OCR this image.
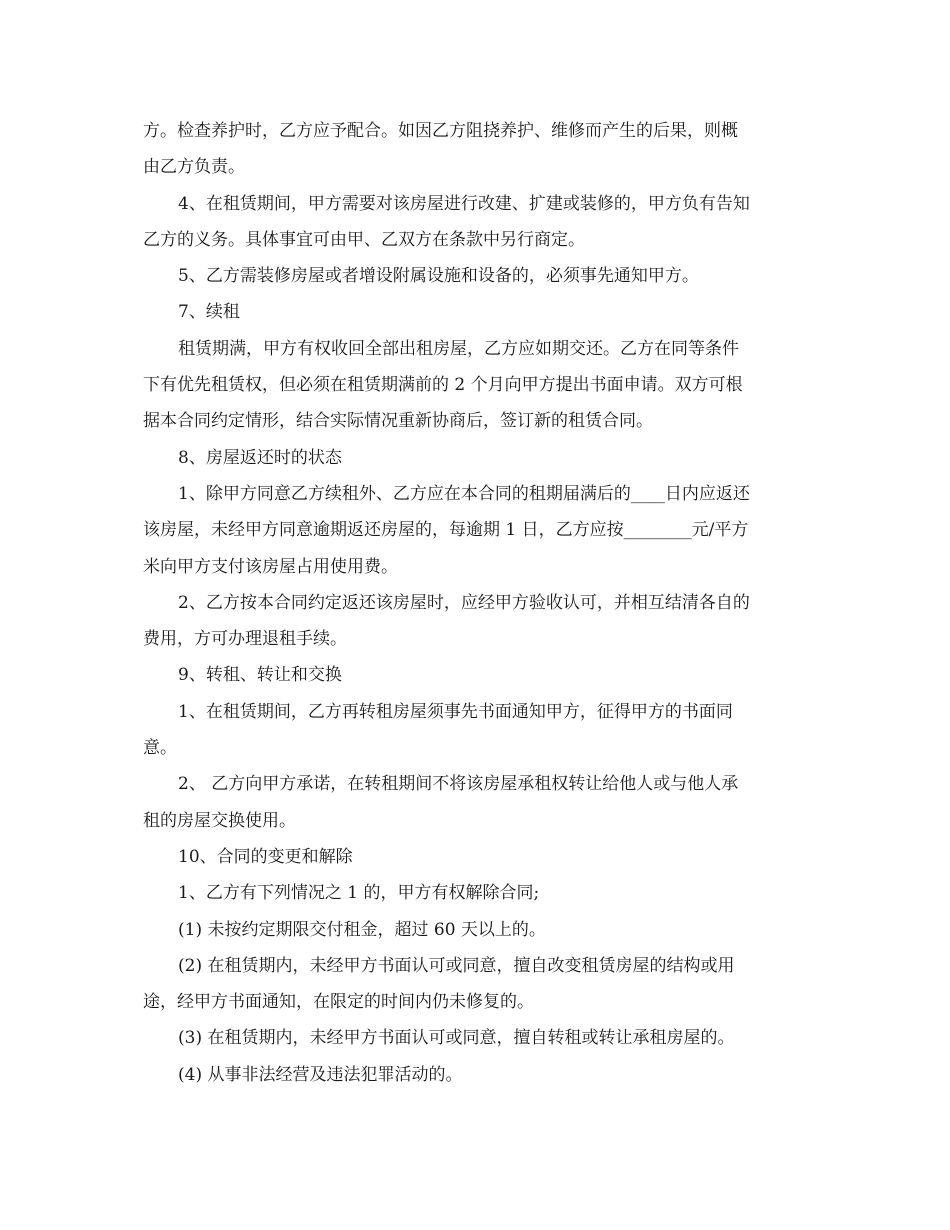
方。检查养护时，乙方应予配合。如因乙方阻挠养护、维修而产生的后果，则概
由乙方负责。
4、在租赁期间，甲方需要对该房屋进行改建、扩建或装修的，甲方负有告知
乙方的义务。具体事宜可由甲、乙双方在条款中另行商定。
5、乙方需装修房屋或者增设附属设施和设备的，必须事先通知甲方。
7、续租
租赁期满，甲方有权收回全部出租房屋，乙方应如期交还。乙方在同等条件
下有优先租赁权，但必须在租赁期满前的 2 个月向甲方提出书面申请。双方可根
据本合同约定情形，结合实际情况重新协商后，签订新的租赁合同。
8、房屋返还时的状态
1、除甲方同意乙方续租外、乙方应在本合同的租期届满后的____日内应返还
该房屋，未经甲方同意逾期返还房屋的，每逾期 1 日，乙方应按________元/平方
米向甲方支付该房屋占用使用费。
2、乙方按本合同约定返还该房屋时，应经甲方验收认可，并相互结清各自的
费用，方可办理退租手续。
9、转租、转让和交换
1、在租赁期间，乙方再转租房屋须事先书面通知甲方，征得甲方的书面同
意。
2、 乙方向甲方承诺，在转租期间不将该房屋承租权转让给他人或与他人承
租的房屋交换使用。
10、合同的变更和解除
1、乙方有下列情况之 1 的，甲方有权解除合同;
(1) 未按约定期限交付租金，超过 60 天以上的。
(2) 在租赁期内，未经甲方书面认可或同意，擅自改变租赁房屋的结构或用
途，经甲方书面通知，在限定的时间内仍未修复的。
(3) 在租赁期内，未经甲方书面认可或同意，擅自转租或转让承租房屋的。
(4) 从事非法经营及违法犯罪活动的。
